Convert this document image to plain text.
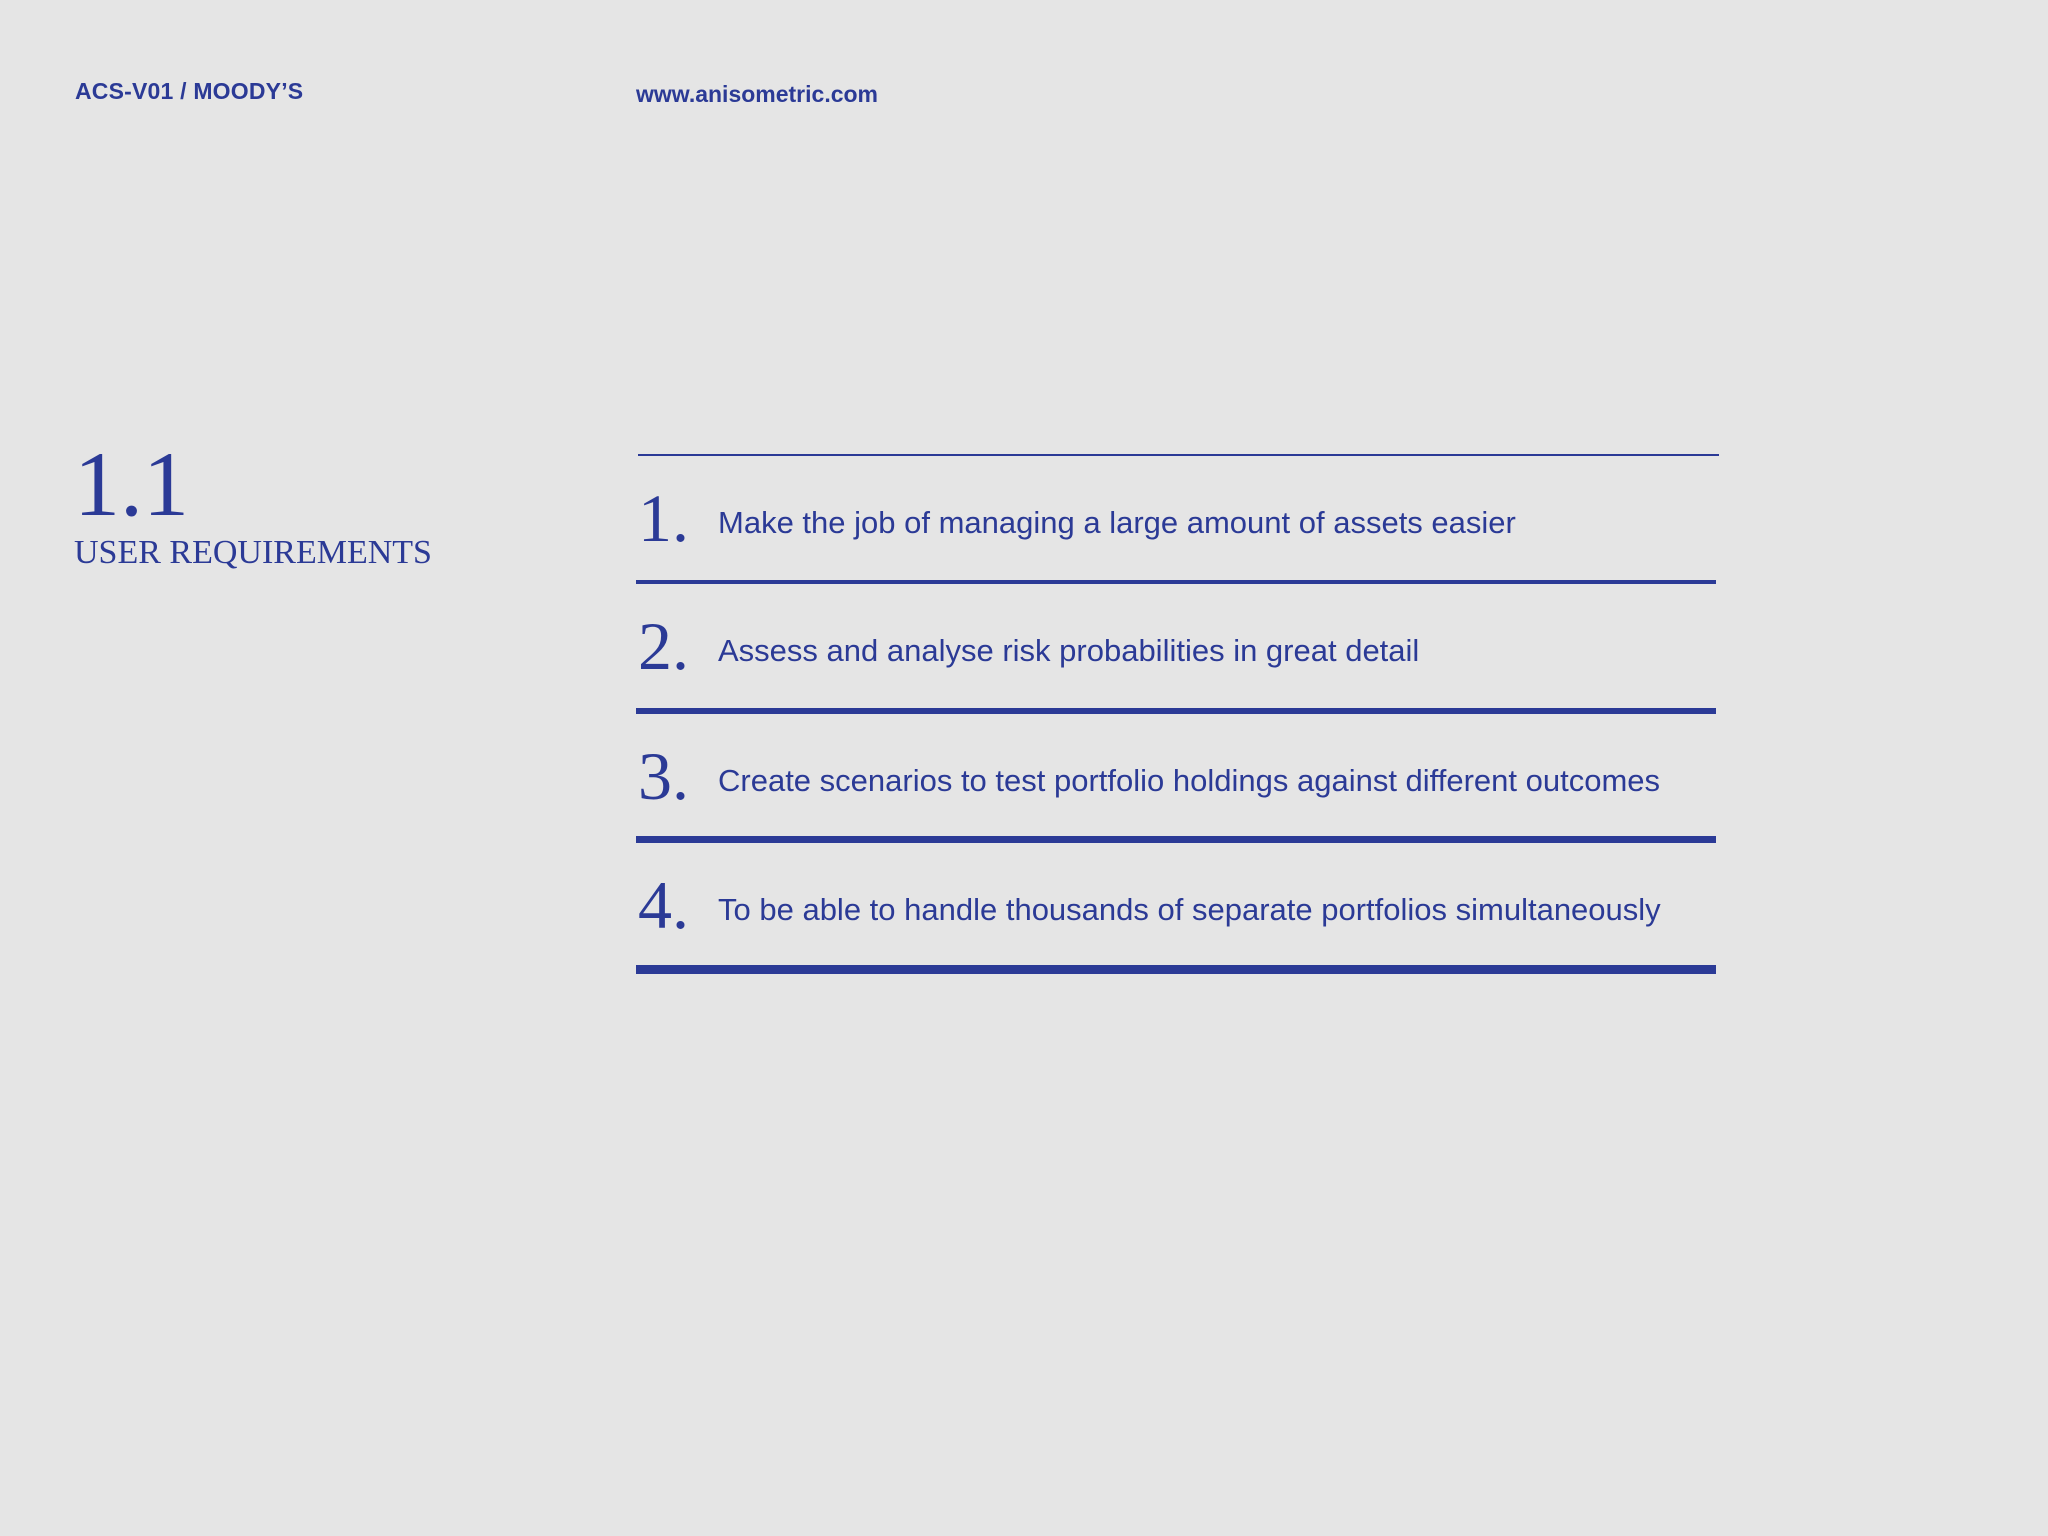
ACS-V01 / MOODY’S	www.anisometric.com
1.1
USER REQUIREMENTS	1. Make the job of managing a large amount of assets easier
2. Assess and analyse risk probabilities in great detail
3. Create scenarios to test portfolio holdings against different outcomes
4. To be able to handle thousands of separate portfolios simultaneously
